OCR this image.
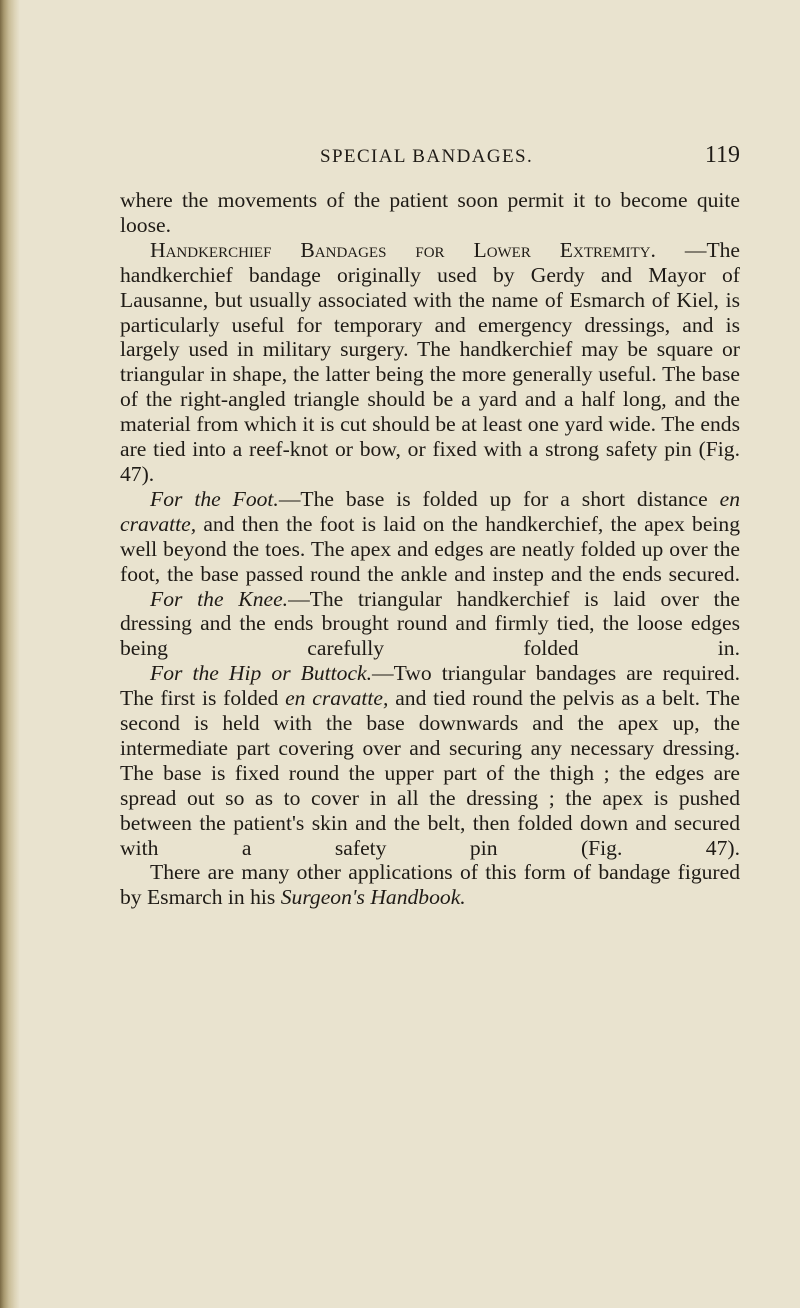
SPECIAL BANDAGES.	119

where the movements of the patient soon permit it to become quite loose.

Handkerchief Bandages for Lower Extremity. —The handkerchief bandage originally used by Gerdy and Mayor of Lausanne, but usually associated with the name of Esmarch of Kiel, is particularly useful for temporary and emergency dressings, and is largely used in military surgery. The handkerchief may be square or triangular in shape, the latter being the more generally useful. The base of the right-angled triangle should be a yard and a half long, and the material from which it is cut should be at least one yard wide. The ends are tied into a reef-knot or bow, or fixed with a strong safety pin (Fig. 47).

For the Foot.—The base is folded up for a short distance en cravatte, and then the foot is laid on the handkerchief, the apex being well beyond the toes. The apex and edges are neatly folded up over the foot, the base passed round the ankle and instep and the ends secured.

For the Knee.—The triangular handkerchief is laid over the dressing and the ends brought round and firmly tied, the loose edges being carefully folded in.

For the Hip or Buttock.—Two triangular bandages are required. The first is folded en cravatte, and tied round the pelvis as a belt. The second is held with the base downwards and the apex up, the intermediate part covering over and securing any necessary dressing. The base is fixed round the upper part of the thigh ; the edges are spread out so as to cover in all the dressing ; the apex is pushed between the patient's skin and the belt, then folded down and secured with a safety pin (Fig. 47).

There are many other applications of this form of bandage figured by Esmarch in his Surgeon's Handbook.
